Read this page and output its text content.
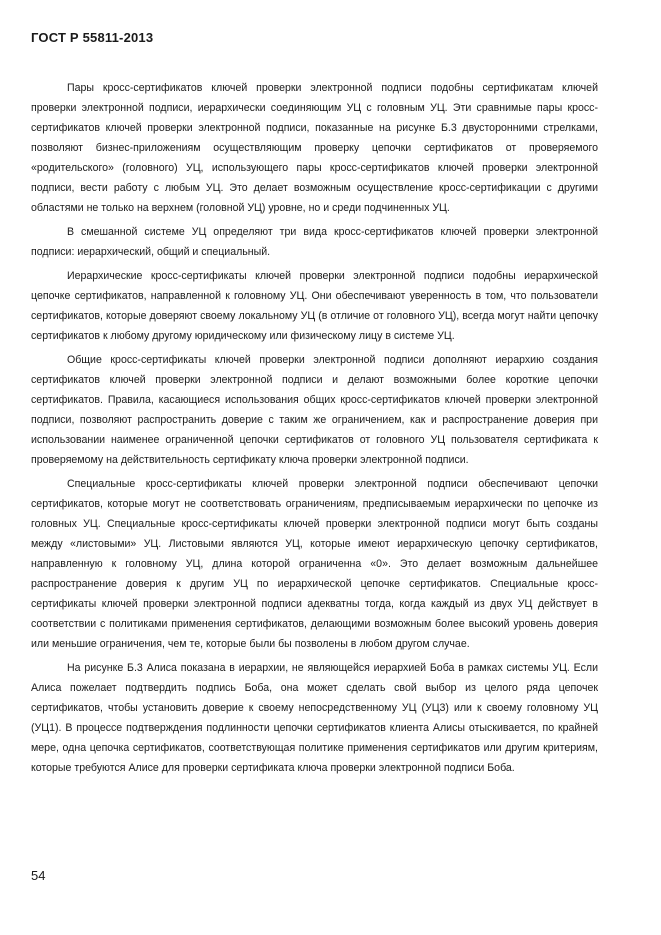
ГОСТ Р 55811-2013

Пары кросс-сертификатов ключей проверки электронной подписи подобны сертификатам ключей проверки электронной подписи, иерархически соединяющим УЦ с головным УЦ. Эти сравнимые пары кросс-сертификатов ключей проверки электронной подписи, показанные на рисунке Б.3 двусторонними стрелками, позволяют бизнес-приложениям осуществляющим проверку цепочки сертификатов от проверяемого «родительского» (головного) УЦ, использующего пары кросс-сертификатов ключей проверки электронной подписи, вести работу с любым УЦ. Это делает возможным осуществление кросс-сертификации с другими областями не только на верхнем (головной УЦ) уровне, но и среди подчиненных УЦ.

В смешанной системе УЦ определяют три вида кросс-сертификатов ключей проверки электронной подписи: иерархический, общий и специальный.

Иерархические кросс-сертификаты ключей проверки электронной подписи подобны иерархической цепочке сертификатов, направленной к головному УЦ. Они обеспечивают уверенность в том, что пользователи сертификатов, которые доверяют своему локальному УЦ (в отличие от головного УЦ), всегда могут найти цепочку сертификатов к любому другому юридическому или физическому лицу в системе УЦ.

Общие кросс-сертификаты ключей проверки электронной подписи дополняют иерархию создания сертификатов ключей проверки электронной подписи и делают возможными более короткие цепочки сертификатов. Правила, касающиеся использования общих кросс-сертификатов ключей проверки электронной подписи, позволяют распространить доверие с таким же ограничением, как и распространение доверия при использовании наименее ограниченной цепочки сертификатов от головного УЦ пользователя сертификата к проверяемому на действительность сертификату ключа проверки электронной подписи.

Специальные кросс-сертификаты ключей проверки электронной подписи обеспечивают цепочки сертификатов, которые могут не соответствовать ограничениям, предписываемым иерархически по цепочке из головных УЦ. Специальные кросс-сертификаты ключей проверки электронной подписи могут быть созданы между «листовыми» УЦ. Листовыми являются УЦ, которые имеют иерархическую цепочку сертификатов, направленную к головному УЦ, длина которой ограниченна «0». Это делает возможным дальнейшее распространение доверия к другим УЦ по иерархической цепочке сертификатов. Специальные кросс-сертификаты ключей проверки электронной подписи адекватны тогда, когда каждый из двух УЦ действует в соответствии с политиками применения сертификатов, делающими возможным более высокий уровень доверия или меньшие ограничения, чем те, которые были бы позволены в любом другом случае.

На рисунке Б.3 Алиса показана в иерархии, не являющейся иерархией Боба в рамках системы УЦ. Если Алиса пожелает подтвердить подпись Боба, она может сделать свой выбор из целого ряда цепочек сертификатов, чтобы установить доверие к своему непосредственному УЦ (УЦ3) или к своему головному УЦ (УЦ1). В процессе подтверждения подлинности цепочки сертификатов клиента Алисы отыскивается, по крайней мере, одна цепочка сертификатов, соответствующая политике применения сертификатов или другим критериям, которые требуются Алисе для проверки сертификата ключа проверки электронной подписи Боба.

54
